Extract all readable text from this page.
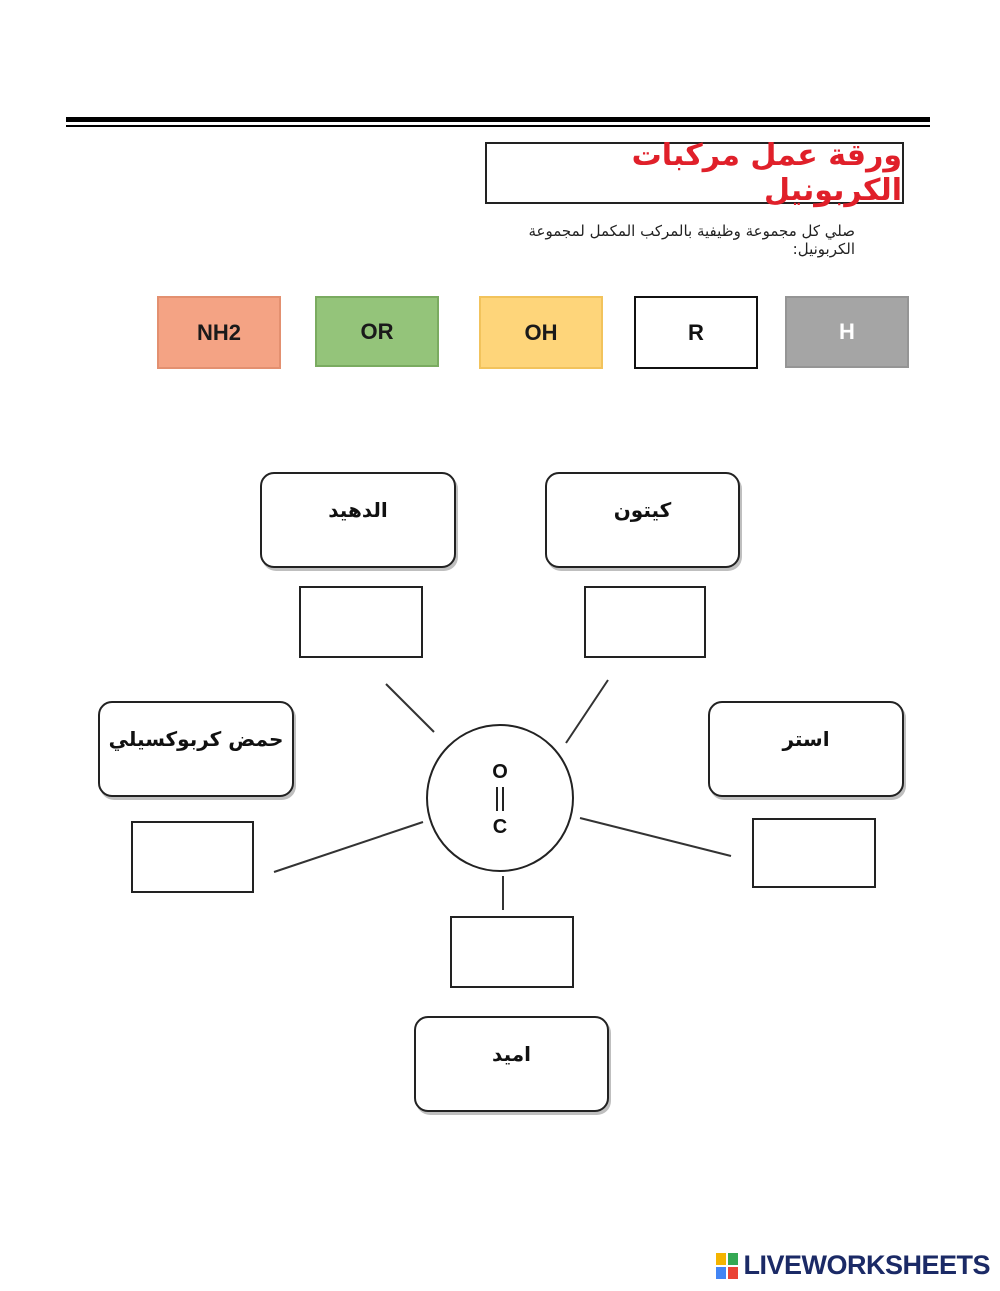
ورقة عمل مركبات الكربونيل
صلي كل مجموعة وظيفية بالمركب المكمل لمجموعة الكربونيل:
NH2	OR	OH	R	H
الدهيد	كيتون
حمض كربوكسيلي	استر
اميد
O
C
LIVEWORKSHEETS
